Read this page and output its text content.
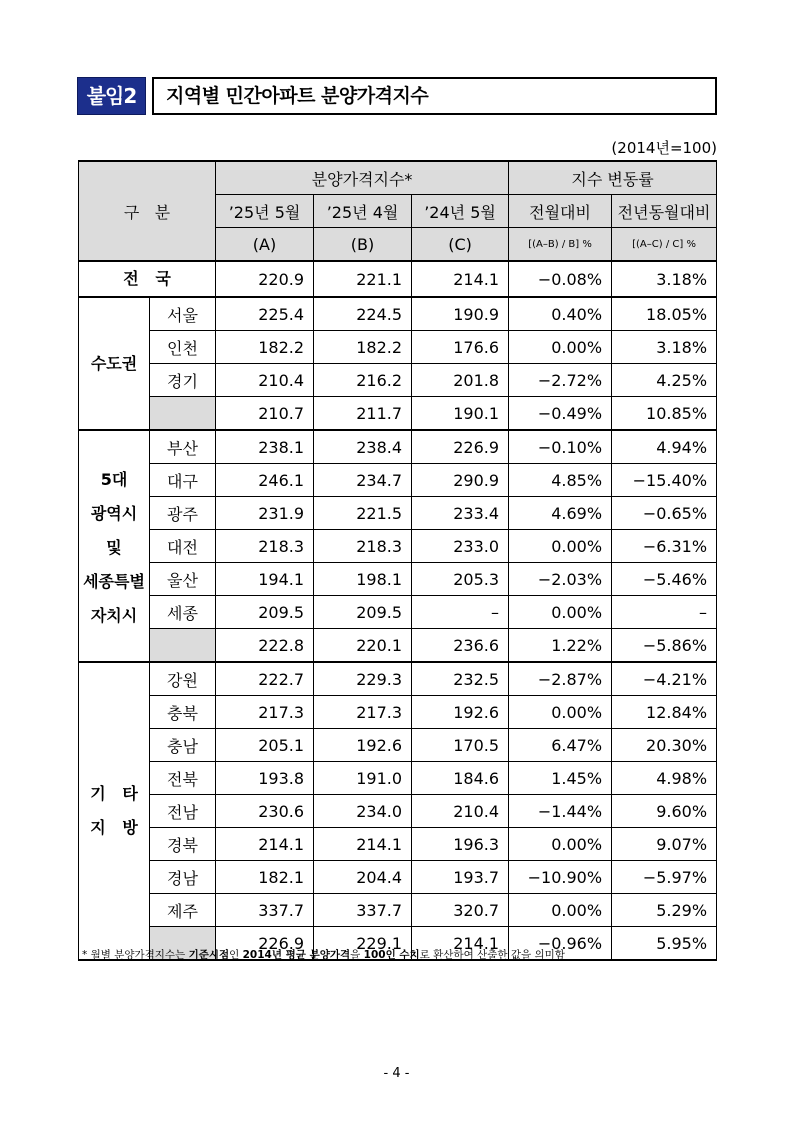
붙임2	지역별 민간아파트 분양가격지수
(2014년=100)
구   분		분양가격지수*			지수 변동률	
		’25년 5월	’25년 4월	’24년 5월	전월대비	전년동월대비
		(A)	(B)	(C)	[(A–B) / B] %	[(A–C) / C] %
전   국		220.9	221.1	214.1	−0.08%	3.18%
수도권	서울	225.4	224.5	190.9	0.40%	18.05%
	인천	182.2	182.2	176.6	0.00%	3.18%
	경기	210.4	216.2	201.8	−2.72%	4.25%
		210.7	211.7	190.1	−0.49%	10.85%

5대
광역시
및
세종특별
자치시	부산	238.1	238.4	226.9	−0.10%	4.94%
	대구	246.1	234.7	290.9	4.85%	−15.40%
	광주	231.9	221.5	233.4	4.69%	−0.65%
	대전	218.3	218.3	233.0	0.00%	−6.31%
	울산	194.1	198.1	205.3	−2.03%	−5.46%
	세종	209.5	209.5	–	0.00%	–
		222.8	220.1	236.6	1.22%	−5.86%

기   타
지   방	강원	222.7	229.3	232.5	−2.87%	−4.21%
	충북	217.3	217.3	192.6	0.00%	12.84%
	충남	205.1	192.6	170.5	6.47%	20.30%
	전북	193.8	191.0	184.6	1.45%	4.98%
	전남	230.6	234.0	210.4	−1.44%	9.60%
	경북	214.1	214.1	196.3	0.00%	9.07%
	경남	182.1	204.4	193.7	−10.90%	−5.97%
	제주	337.7	337.7	320.7	0.00%	5.29%
		226.9	229.1	214.1	−0.96%	5.95%
* 월별 분양가격지수는 기준시점인 2014년 평균 분양가격을 100인 수치로 환산하여 산출한 값을 의미함
- 4 -
